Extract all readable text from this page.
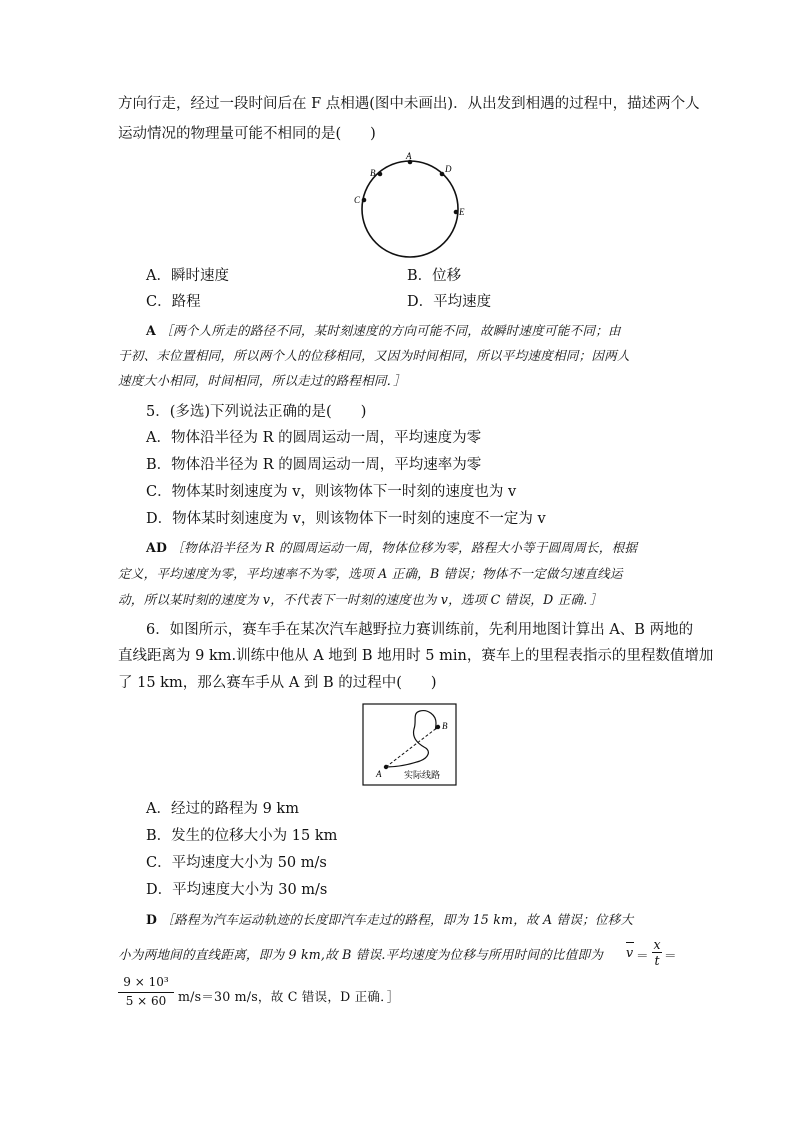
方向行走，经过一段时间后在 F 点相遇(图中未画出)．从出发到相遇的过程中，描述两个人
运动情况的物理量可能不相同的是(　　)
A
B
C
D
E
A．瞬时速度	B．位移
C．路程	D．平均速度
A ［两个人所走的路径不同，某时刻速度的方向可能不同，故瞬时速度可能不同；由
于初、末位置相同，所以两个人的位移相同，又因为时间相同，所以平均速度相同；因两人
速度大小相同，时间相同，所以走过的路程相同．］
5．(多选)下列说法正确的是(　　)
A．物体沿半径为 R 的圆周运动一周，平均速度为零
B．物体沿半径为 R 的圆周运动一周，平均速率为零
C．物体某时刻速度为 v，则该物体下一时刻的速度也为 v
D．物体某时刻速度为 v，则该物体下一时刻的速度不一定为 v
AD ［物体沿半径为 R 的圆周运动一周，物体位移为零，路程大小等于圆周周长，根据
定义，平均速度为零，平均速率不为零，选项 A 正确，B 错误；物体不一定做匀速直线运
动，所以某时刻的速度为 v，不代表下一时刻的速度也为 v，选项 C 错误，D 正确．］
6．如图所示，赛车手在某次汽车越野拉力赛训练前，先利用地图计算出 A、B 两地的
直线距离为 9 km.训练中他从 A 地到 B 地用时 5 min，赛车上的里程表指示的里程数值增加
了 15 km，那么赛车手从 A 到 B 的过程中(　　)
A
B
实际线路
A．经过的路程为 9 km
B．发生的位移大小为 15 km
C．平均速度大小为 50 m/s
D．平均速度大小为 30 m/s
D ［路程为汽车运动轨迹的长度即汽车走过的路程，即为 15 km，故 A 错误；位移大
小为两地间的直线距离，即为 9 km,故 B 错误.平均速度为位移与所用时间的比值即为 v ＝
x
t ＝
9 × 10³
5 × 60 m/s＝30 m/s，故 C 错误，D 正确．］
